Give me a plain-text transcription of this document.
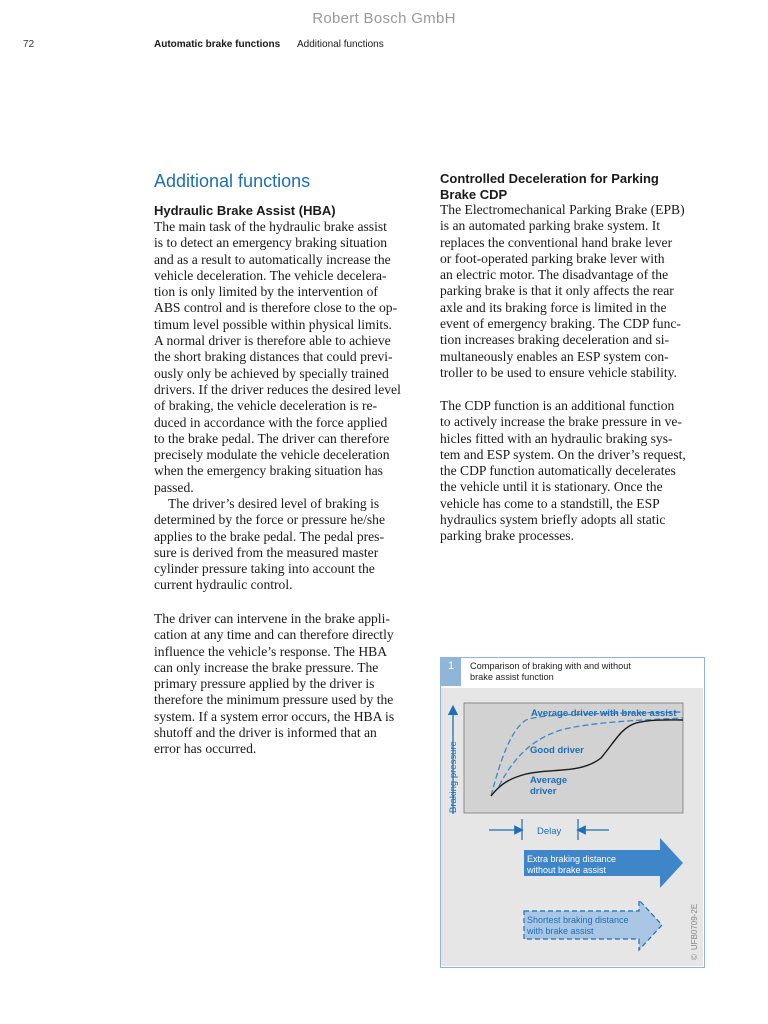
Robert Bosch GmbH
72	Automatic brake functions Additional functions
Additional functions
Hydraulic Brake Assist (HBA)
The main task of the hydraulic brake assist
is to detect an emergency braking situation
and as a result to automatically increase the
vehicle deceleration. The vehicle decelera-
tion is only limited by the intervention of
ABS control and is therefore close to the op-
timum level possible within physical limits.
A normal driver is therefore able to achieve
the short braking distances that could previ-
ously only be achieved by specially trained
drivers. If the driver reduces the desired level
of braking, the vehicle deceleration is re-
duced in accordance with the force applied
to the brake pedal. The driver can therefore
precisely modulate the vehicle deceleration
when the emergency braking situation has
passed.
The driver’s desired level of braking is
determined by the force or pressure he/she
applies to the brake pedal. The pedal pres-
sure is derived from the measured master
cylinder pressure taking into account the
current hydraulic control.
The driver can intervene in the brake appli-
cation at any time and can therefore directly
influence the vehicle’s response. The HBA
can only increase the brake pressure. The
primary pressure applied by the driver is
therefore the minimum pressure used by the
system. If a system error occurs, the HBA is
shutoff and the driver is informed that an
error has occurred.
Controlled Deceleration for Parking
Brake CDP
The Electromechanical Parking Brake (EPB)
is an automated parking brake system. It
replaces the conventional hand brake lever
or foot-operated parking brake lever with
an electric motor. The disadvantage of the
parking brake is that it only affects the rear
axle and its braking force is limited in the
event of emergency braking. The CDP func-
tion increases braking deceleration and si-
multaneously enables an ESP system con-
troller to be used to ensure vehicle stability.
The CDP function is an additional function
to actively increase the brake pressure in ve-
hicles fitted with an hydraulic braking sys-
tem and ESP system. On the driver’s request,
the CDP function automatically decelerates
the vehicle until it is stationary. Once the
vehicle has come to a standstill, the ESP
hydraulics system briefly adopts all static
parking brake processes.
1	Comparison of braking with and without
brake assist function
Braking pressure
Average driver with brake assist
Good driver
Average
driver
Delay
Extra braking distance
without brake assist
Shortest braking distance
with brake assist
©UFB0709-2E
